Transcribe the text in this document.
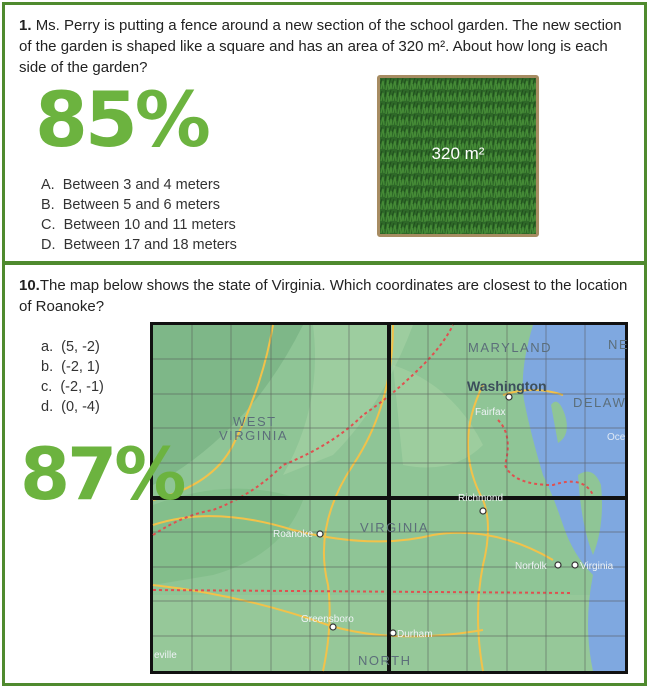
1. Ms. Perry is putting a fence around a new section of the school garden. The new section of the garden is shaped like a square and has an area of 320 m². About how long is each side of the garden?
85%
A. Between 3 and 4 meters
B. Between 5 and 6 meters
C. Between 10 and 11 meters
D. Between 17 and 18 meters
320 m²
10.The map below shows the state of Virginia. Which coordinates are closest to the location of Roanoke?
a. (5, -2)
b. (-2, 1)
c. (-2, -1)
d. (0, -4)
MARYLAND	NE
DELAW
WEST
VIRGINIA
VIRGINIA
NORTH
Washington
Fairfax
Oce
Richmond
Roanoke
Norfolk	Virginia
Greensboro
Durham
eville
87%
